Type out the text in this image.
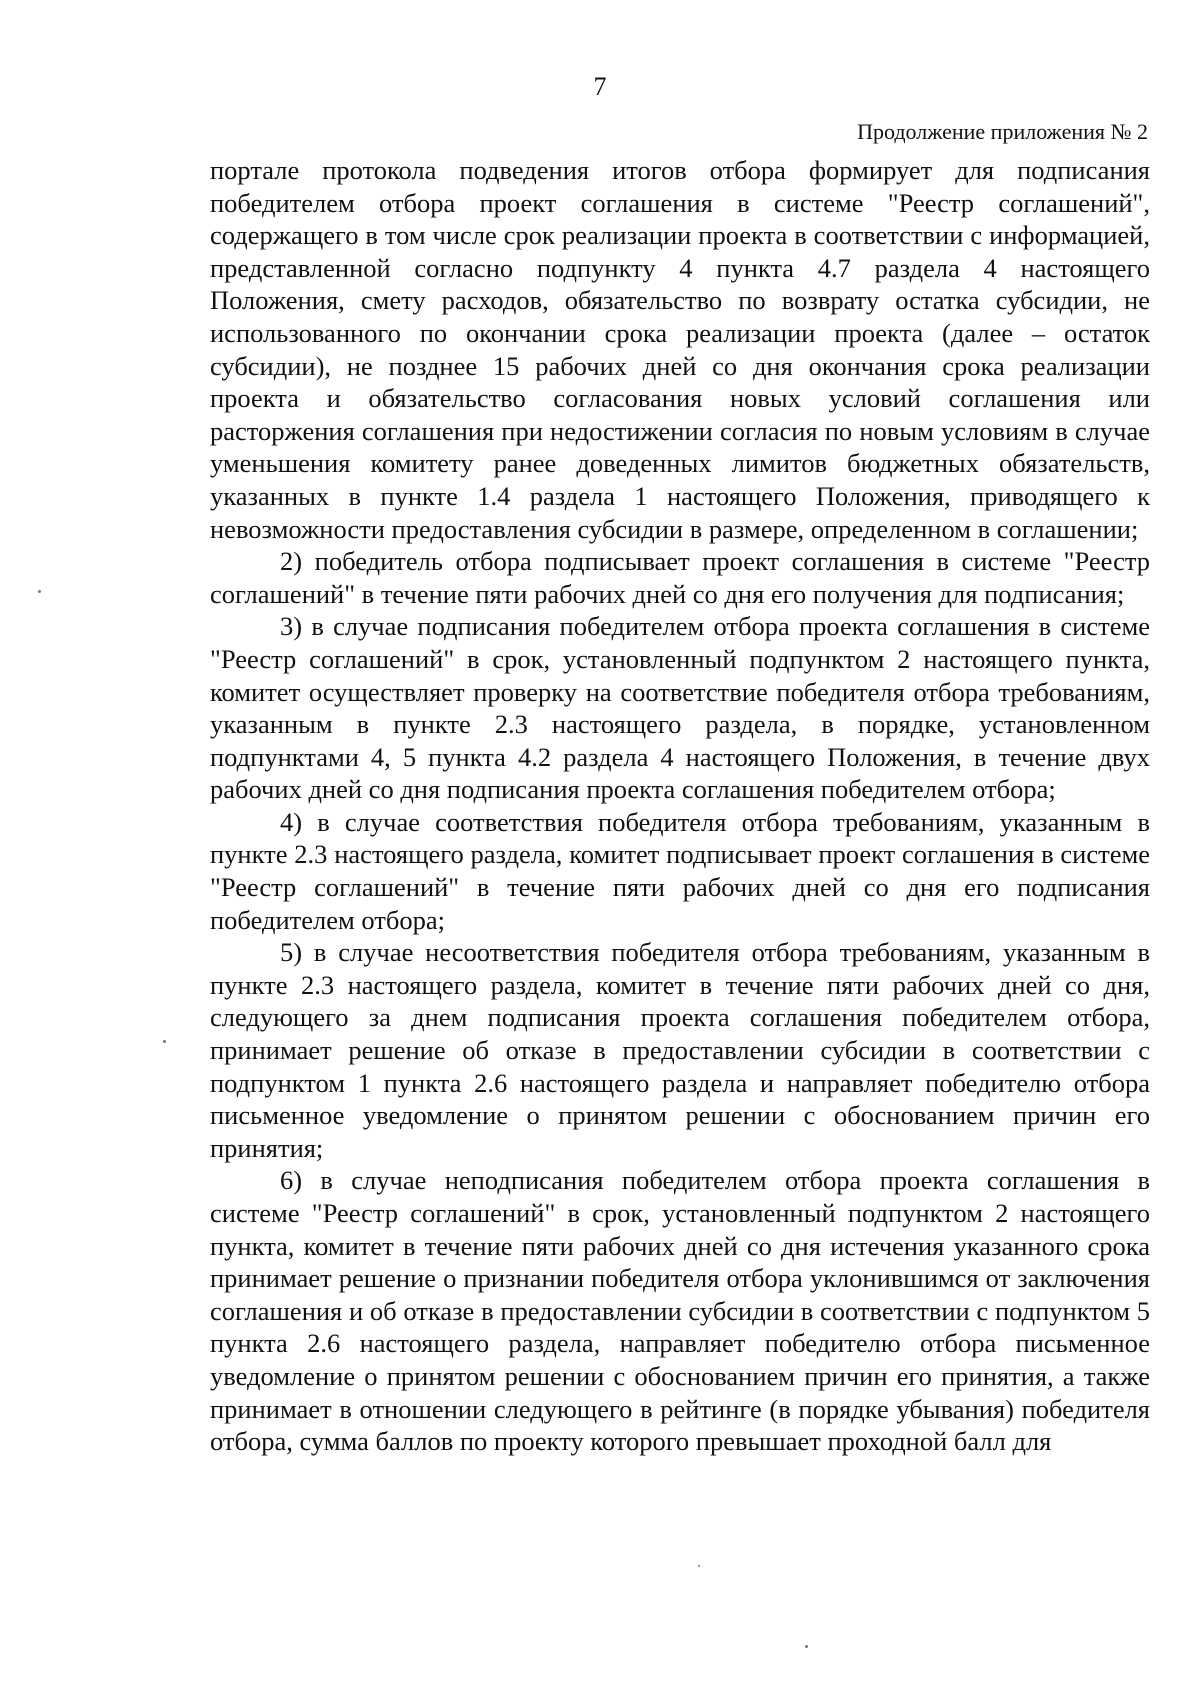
7
Продолжение приложения № 2

портале протокола подведения итогов отбора формирует для подписания победителем отбора проект соглашения в системе "Реестр соглашений", содержащего в том числе срок реализации проекта в соответствии с информацией, представленной согласно подпункту 4 пункта 4.7 раздела 4 настоящего Положения, смету расходов, обязательство по возврату остатка субсидии, не использованного по окончании срока реализации проекта (далее – остаток субсидии), не позднее 15 рабочих дней со дня окончания срока реализации проекта и обязательство согласования новых условий соглашения или расторжения соглашения при недостижении согласия по новым условиям в случае уменьшения комитету ранее доведенных лимитов бюджетных обязательств, указанных в пункте 1.4 раздела 1 настоящего Положения, приводящего к невозможности предоставления субсидии в размере, определенном в соглашении;

2) победитель отбора подписывает проект соглашения в системе "Реестр соглашений" в течение пяти рабочих дней со дня его получения для подписания;

3) в случае подписания победителем отбора проекта соглашения в системе "Реестр соглашений" в срок, установленный подпунктом 2 настоящего пункта, комитет осуществляет проверку на соответствие победителя отбора требованиям, указанным в пункте 2.3 настоящего раздела, в порядке, установленном подпунктами 4, 5 пункта 4.2 раздела 4 настоящего Положения, в течение двух рабочих дней со дня подписания проекта соглашения победителем отбора;

4) в случае соответствия победителя отбора требованиям, указанным в пункте 2.3 настоящего раздела, комитет подписывает проект соглашения в системе "Реестр соглашений" в течение пяти рабочих дней со дня его подписания победителем отбора;

5) в случае несоответствия победителя отбора требованиям, указанным в пункте 2.3 настоящего раздела, комитет в течение пяти рабочих дней со дня, следующего за днем подписания проекта соглашения победителем отбора, принимает решение об отказе в предоставлении субсидии в соответствии с подпунктом 1 пункта 2.6 настоящего раздела и направляет победителю отбора письменное уведомление о принятом решении с обоснованием причин его принятия;

6) в случае неподписания победителем отбора проекта соглашения в системе "Реестр соглашений" в срок, установленный подпунктом 2 настоящего пункта, комитет в течение пяти рабочих дней со дня истечения указанного срока принимает решение о признании победителя отбора уклонившимся от заключения соглашения и об отказе в предоставлении субсидии в соответствии с подпунктом 5 пункта 2.6 настоящего раздела, направляет победителю отбора письменное уведомление о принятом решении с обоснованием причин его принятия, а также принимает в отношении следующего в рейтинге (в порядке убывания) победителя отбора, сумма баллов по проекту которого превышает проходной балл для
